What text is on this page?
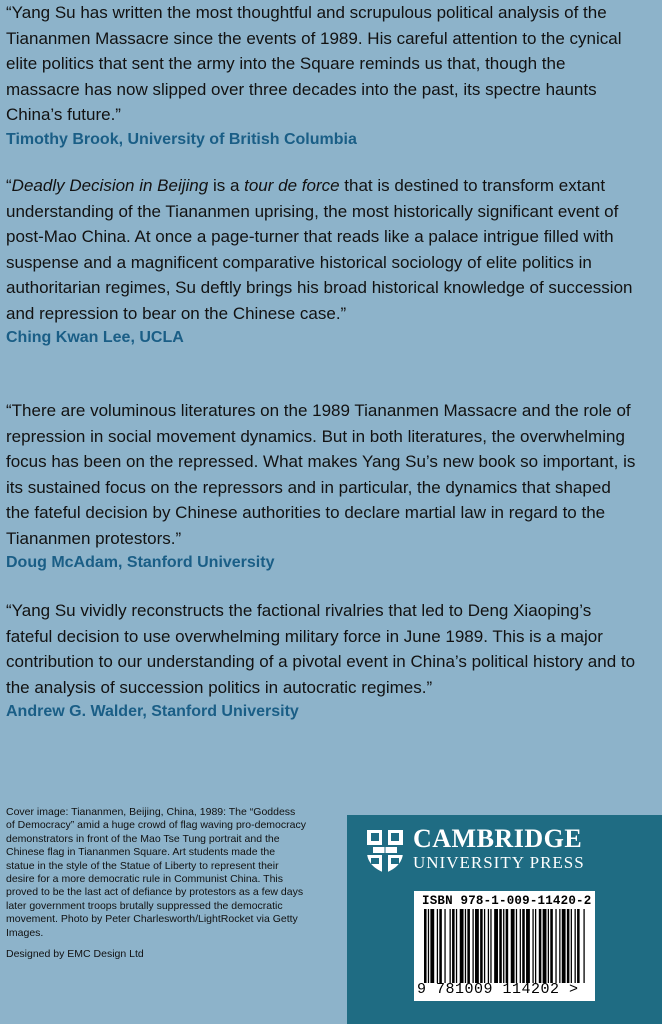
“Yang Su has written the most thoughtful and scrupulous political analysis of the Tiananmen Massacre since the events of 1989. His careful attention to the cynical elite politics that sent the army into the Square reminds us that, though the massacre has now slipped over three decades into the past, its spectre haunts China’s future.”

Timothy Brook, University of British Columbia

“Deadly Decision in Beijing is a tour de force that is destined to transform extant understanding of the Tiananmen uprising, the most historically significant event of post-Mao China. At once a page-turner that reads like a palace intrigue filled with suspense and a magnificent comparative historical sociology of elite politics in authoritarian regimes, Su deftly brings his broad historical knowledge of succession and repression to bear on the Chinese case.”

Ching Kwan Lee, UCLA

“There are voluminous literatures on the 1989 Tiananmen Massacre and the role of repression in social movement dynamics. But in both literatures, the overwhelming focus has been on the repressed. What makes Yang Su’s new book so important, is its sustained focus on the repressors and in particular, the dynamics that shaped the fateful decision by Chinese authorities to declare martial law in regard to the Tiananmen protestors.”

Doug McAdam, Stanford University

“Yang Su vividly reconstructs the factional rivalries that led to Deng Xiaoping’s fateful decision to use overwhelming military force in June 1989. This is a major contribution to our understanding of a pivotal event in China’s political history and to the analysis of succession politics in autocratic regimes.”

Andrew G. Walder, Stanford University

Cover image: Tiananmen, Beijing, China, 1989: The “Goddess of Democracy” amid a huge crowd of flag waving pro-democracy demonstrators in front of the Mao Tse Tung portrait and the Chinese flag in Tiananmen Square. Art students made the statue in the style of the Statue of Liberty to represent their desire for a more democratic rule in Communist China. This proved to be the last act of defiance by protestors as a few days later government troops brutally suppressed the democratic movement. Photo by Peter Charlesworth/LightRocket via Getty Images.
Designed by EMC Design Ltd
CAMBRIDGE
UNIVERSITY PRESS
ISBN 978-1-009-11420-2
9 781009 114202 >
